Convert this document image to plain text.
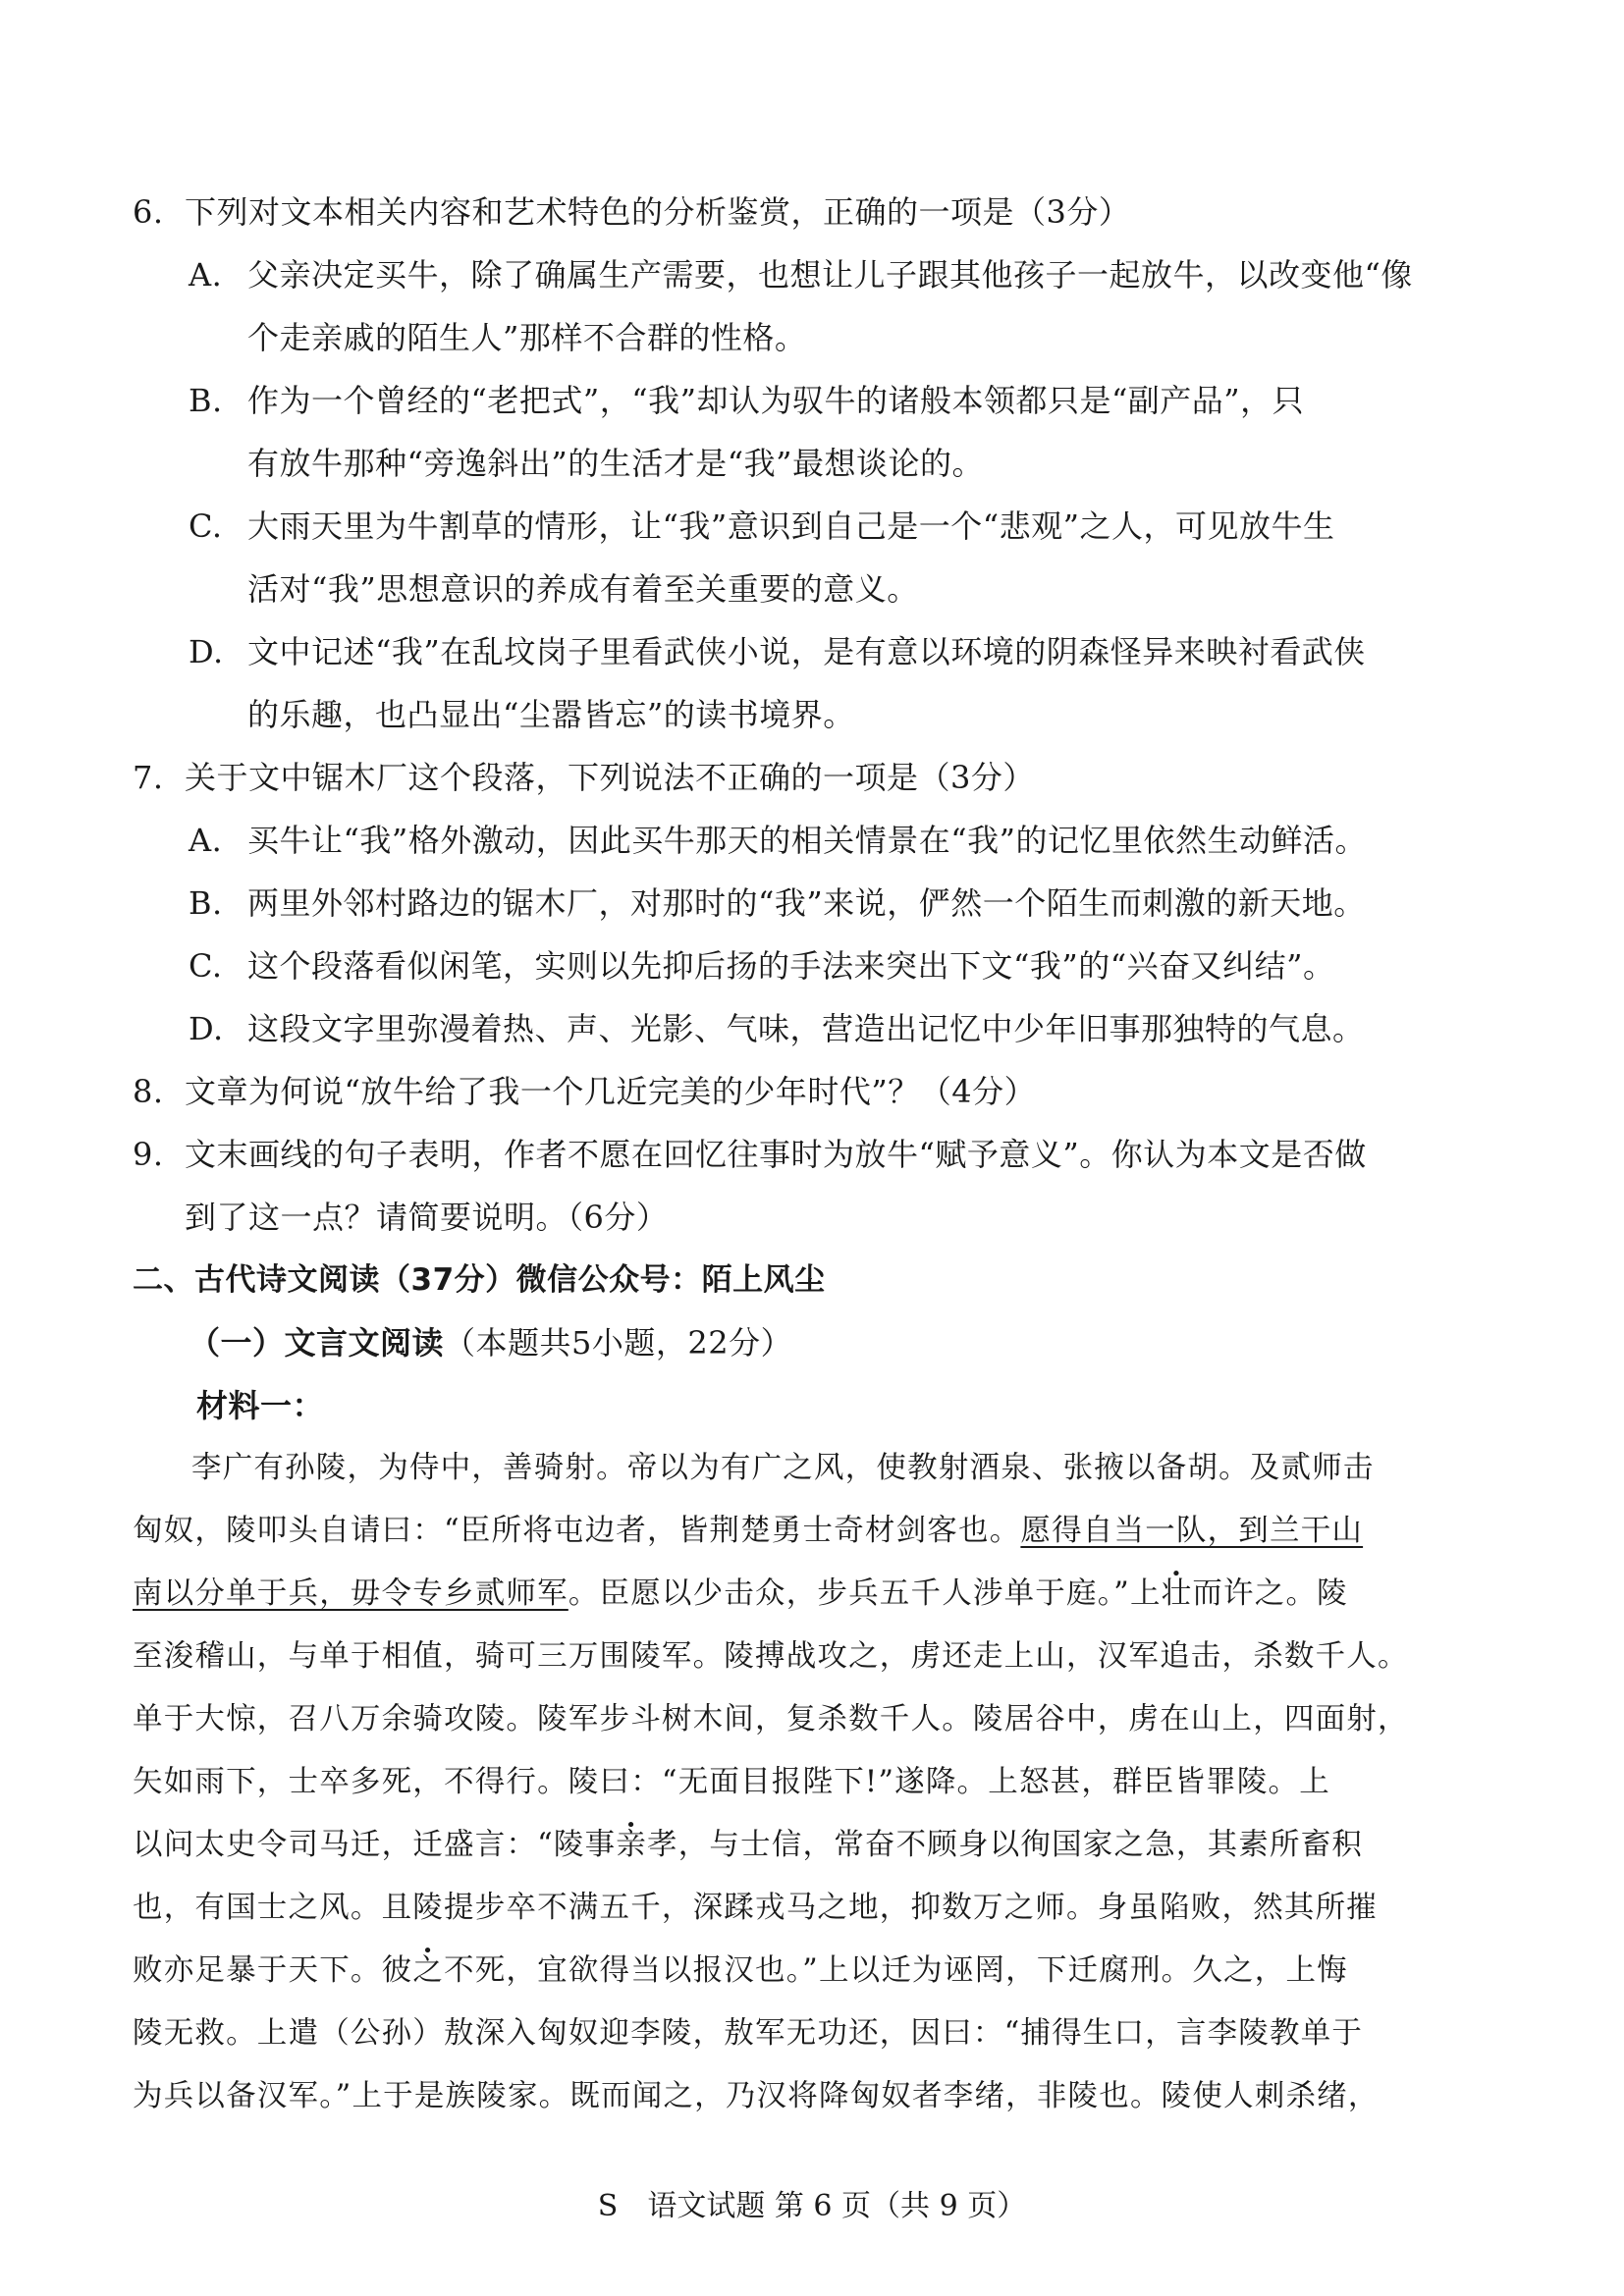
6. 下列对文本相关内容和艺术特色的分析鉴赏，正确的一项是（3分）
A. 父亲决定买牛，除了确属生产需要，也想让儿子跟其他孩子一起放牛，以改变他“像
个走亲戚的陌生人”那样不合群的性格。
B. 作为一个曾经的“老把式”，“我”却认为驭牛的诸般本领都只是“副产品”，只
有放牛那种“旁逸斜出”的生活才是“我”最想谈论的。
C. 大雨天里为牛割草的情形，让“我”意识到自己是一个“悲观”之人，可见放牛生
活对“我”思想意识的养成有着至关重要的意义。
D. 文中记述“我”在乱坟岗子里看武侠小说，是有意以环境的阴森怪异来映衬看武侠
的乐趣，也凸显出“尘嚣皆忘”的读书境界。
7. 关于文中锯木厂这个段落，下列说法不正确的一项是（3分）
A. 买牛让“我”格外激动，因此买牛那天的相关情景在“我”的记忆里依然生动鲜活。
B. 两里外邻村路边的锯木厂，对那时的“我”来说，俨然一个陌生而刺激的新天地。
C. 这个段落看似闲笔，实则以先抑后扬的手法来突出下文“我”的“兴奋又纠结”。
D. 这段文字里弥漫着热、声、光影、气味，营造出记忆中少年旧事那独特的气息。
8. 文章为何说“放牛给了我一个几近完美的少年时代”？（4分）
9. 文末画线的句子表明，作者不愿在回忆往事时为放牛“赋予意义”。你认为本文是否做
到了这一点？请简要说明。（6分）
二、古代诗文阅读（37分）微信公众号：陌上风尘
（一）文言文阅读（本题共5小题，22分）
材料一：
李广有孙陵，为侍中，善骑射。帝以为有广之风，使教射酒泉、张掖以备胡。及贰师击
匈奴，陵叩头自请曰：“臣所将屯边者，皆荆楚勇士奇材剑客也。愿得自当一队，到兰干山
南以分单于兵，毋令专乡贰师军。臣愿以少击众，步兵五千人涉单于庭。”上壮而许之。陵
至浚稽山，与单于相值，骑可三万围陵军。陵搏战攻之，虏还走上山，汉军追击，杀数千人。
单于大惊，召八万余骑攻陵。陵军步斗树木间，复杀数千人。陵居谷中，虏在山上，四面射，
矢如雨下，士卒多死，不得行。陵曰：“无面目报陛下!”遂降。上怒甚，群臣皆罪陵。上
以问太史令司马迁，迁盛言：“陵事亲孝，与士信，常奋不顾身以徇国家之急，其素所畜积
也，有国士之风。且陵提步卒不满五千，深蹂戎马之地，抑数万之师。身虽陷败，然其所摧
败亦足暴于天下。彼之不死，宜欲得当以报汉也。”上以迁为诬罔，下迁腐刑。久之，上悔
陵无救。上遣（公孙）敖深入匈奴迎李陵，敖军无功还，因曰：“捕得生口，言李陵教单于
为兵以备汉军。”上于是族陵家。既而闻之，乃汉将降匈奴者李绪，非陵也。陵使人刺杀绪，
S　语文试题 第 6 页（共 9 页）
